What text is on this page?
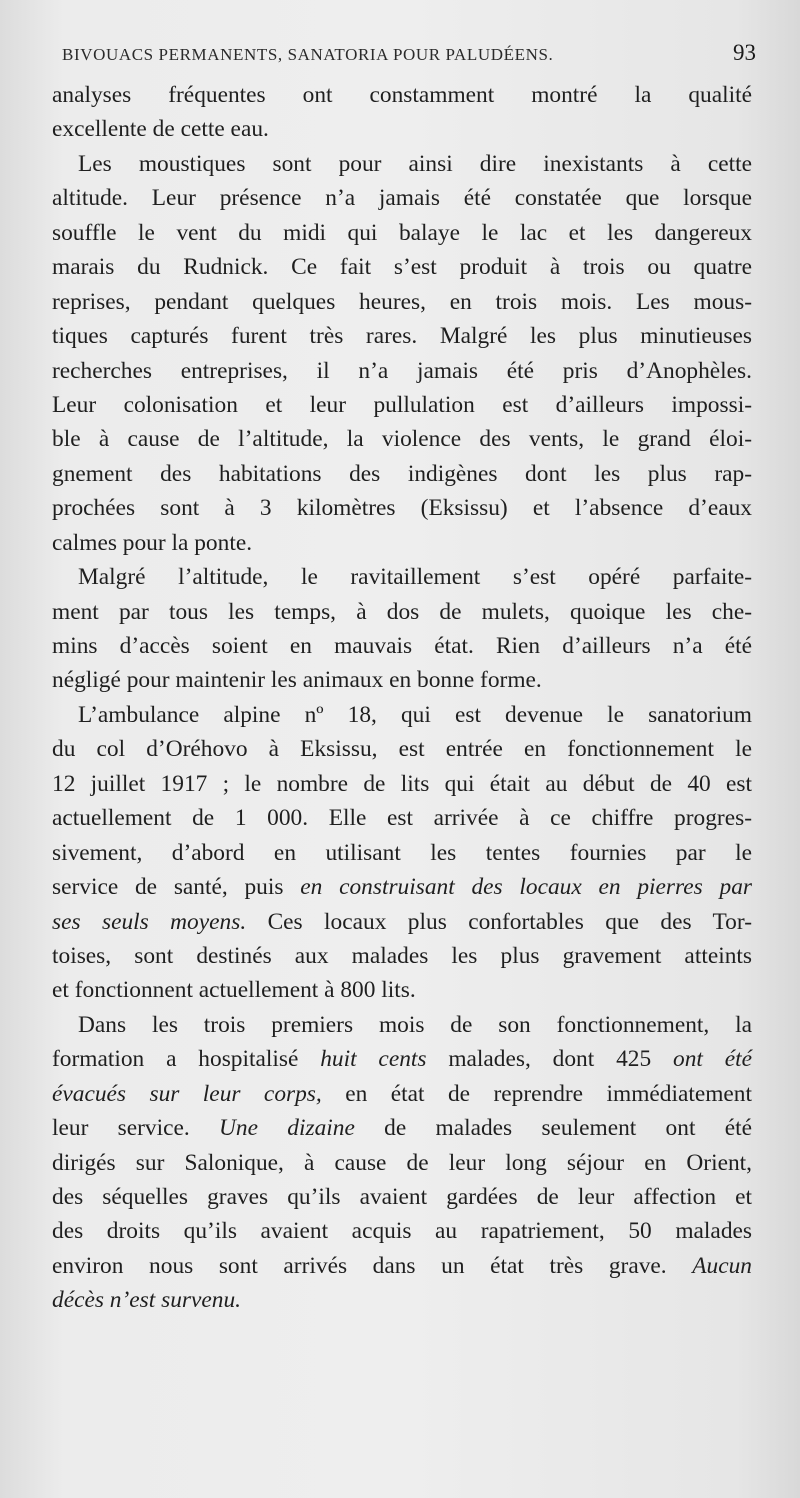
BIVOUACS PERMANENTS, SANATORIA POUR PALUDÉENS.	93
analyses fréquentes ont constamment montré la qualité
excellente de cette eau.
Les moustiques sont pour ainsi dire inexistants à cette
altitude. Leur présence n’a jamais été constatée que lorsque
souffle le vent du midi qui balaye le lac et les dangereux
marais du Rudnick. Ce fait s’est produit à trois ou quatre
reprises, pendant quelques heures, en trois mois. Les mous-
tiques capturés furent très rares. Malgré les plus minutieuses
recherches entreprises, il n’a jamais été pris d’Anophèles.
Leur colonisation et leur pullulation est d’ailleurs impossi-
ble à cause de l’altitude, la violence des vents, le grand éloi-
gnement des habitations des indigènes dont les plus rap-
prochées sont à 3 kilomètres (Eksissu) et l’absence d’eaux
calmes pour la ponte.
Malgré l’altitude, le ravitaillement s’est opéré parfaite-
ment par tous les temps, à dos de mulets, quoique les che-
mins d’accès soient en mauvais état. Rien d’ailleurs n’a été
négligé pour maintenir les animaux en bonne forme.
L’ambulance alpine nº 18, qui est devenue le sanatorium
du col d’Oréhovo à Eksissu, est entrée en fonctionnement le
12 juillet 1917 ; le nombre de lits qui était au début de 40 est
actuellement de 1 000. Elle est arrivée à ce chiffre progres-
sivement, d’abord en utilisant les tentes fournies par le
service de santé, puis en construisant des locaux en pierres par
ses seuls moyens. Ces locaux plus confortables que des Tor-
toises, sont destinés aux malades les plus gravement atteints
et fonctionnent actuellement à 800 lits.
Dans les trois premiers mois de son fonctionnement, la
formation a hospitalisé huit cents malades, dont 425 ont été
évacués sur leur corps, en état de reprendre immédiatement
leur service. Une dizaine de malades seulement ont été
dirigés sur Salonique, à cause de leur long séjour en Orient,
des séquelles graves qu’ils avaient gardées de leur affection et
des droits qu’ils avaient acquis au rapatriement, 50 malades
environ nous sont arrivés dans un état très grave. Aucun
décès n’est survenu.
